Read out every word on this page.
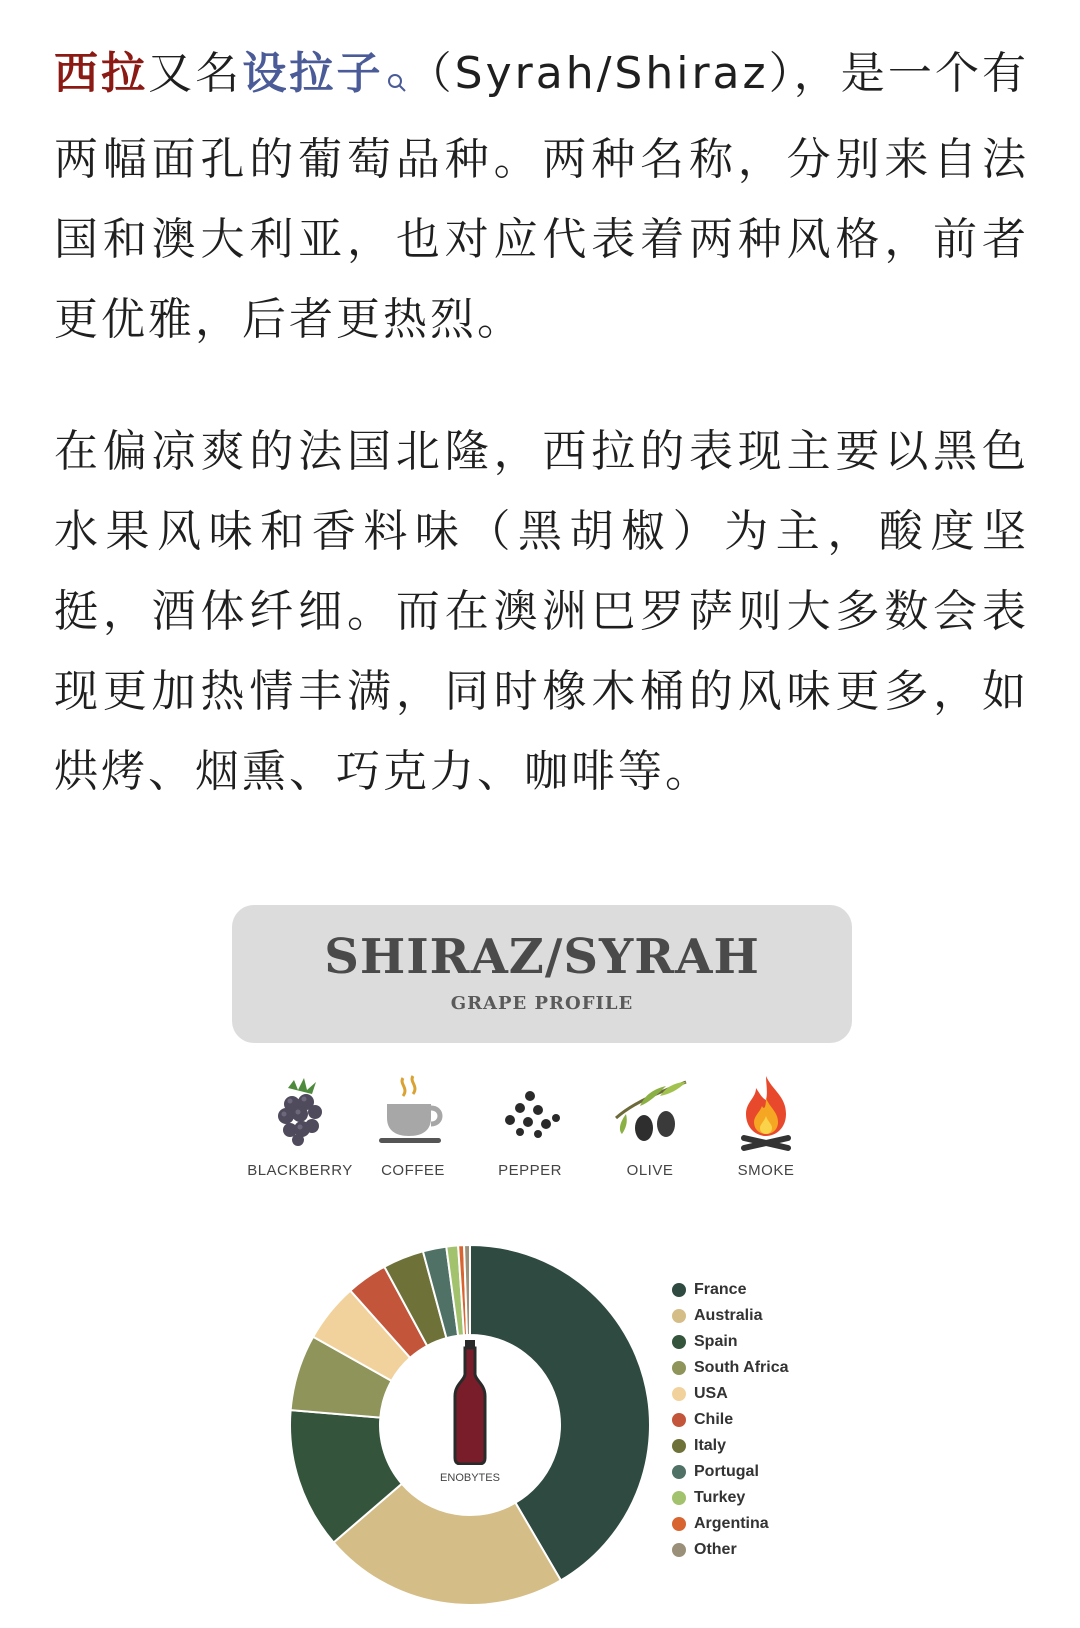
西拉又名设拉子 （Syrah/Shiraz），是一个有两幅面孔的葡萄品种。两种名称，分别来自法国和澳大利亚，也对应代表着两种风格，前者更优雅，后者更热烈。

在偏凉爽的法国北隆，西拉的表现主要以黑色水果风味和香料味（黑胡椒）为主，酸度坚挺，酒体纤细。而在澳洲巴罗萨则大多数会表现更加热情丰满，同时橡木桶的风味更多，如烘烤、烟熏、巧克力、咖啡等。

SHIRAZ/SYRAH
GRAPE PROFILE
BLACKBERRY	COFFEE	PEPPER	OLIVE	SMOKE
ENOBYTES
France
Australia
Spain
South Africa
USA
Chile
Italy
Portugal
Turkey
Argentina
Other
